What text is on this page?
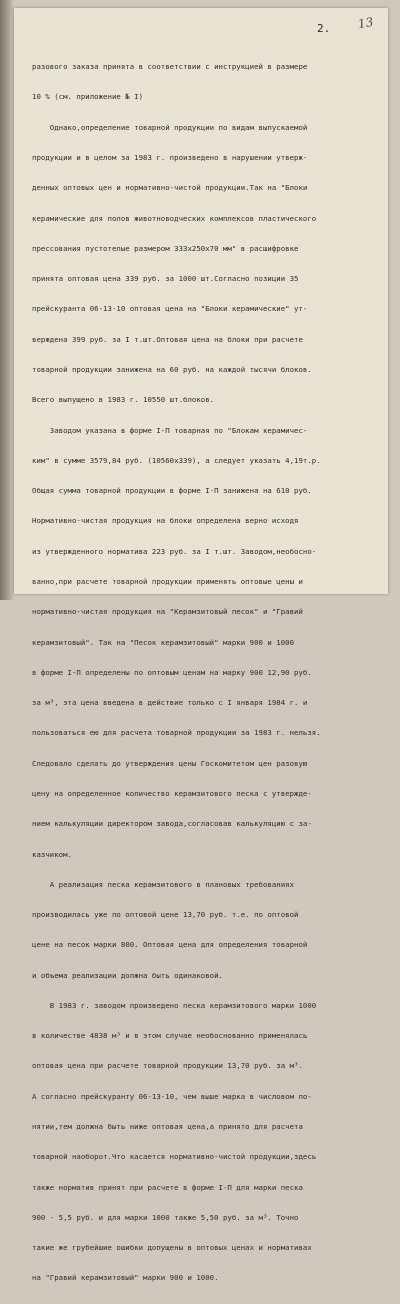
2. 13

разового заказа принята в соответствии с инструкцией в размере

10 % (см. приложение № I)

Однако,определение товарной продукции по видам выпускаемой

продукции и в целом за 1983 г. произведено в нарушении утверж-

денных оптовых цен и нормативно-чистой продукции.Так на "Блоки

керамические для полов животноводческих комплексов пластического

прессования пустотелые размером 333х250х70 мм" в расшифровке

принята оптовая цена 339 руб. за 1000 шт.Согласно позиции 35

прейскуранта 06-13-10 оптовая цена на "Блоки керамические" ут-

верждена 399 руб. за I т.шт.Оптовая цена на блоки при расчете

товарной продукции занижена на 60 руб. на каждой тысячи блоков.

Всего выпущено в 1983 г. 10550 шт.блоков.

Заводом указана в форме I-П товарная по "Блокам керамичес-

ким" в сумме 3579,84 руб. (10560х339), а следует указать 4,19т.р.

Общая сумма товарной продукции в форме I-П занижена на 610 руб.

Нормативно-чистая продукция на блоки определена верно исходя

из утвержденного норматива 223 руб. за I т.шт. Заводом,необосно-

ванно,при расчете товарной продукции применять оптовые цены и

нормативно-чистая продукция на "Керамзитовый песок" и "Гравий

керамзитовый". Так на "Песок керамзитовый" марки 900 и 1000

в форме I-П определены по оптовым ценам на марку 900 12,90 руб.

за м³, эта цена введена в действие только с I января 1984 г. и

пользоваться ею для расчета товарной продукции за 1983 г. нельзя.

Следовало сделать до утверждения цены Госкомитетом цен разовую

цену на определенное количество керамзитового песка с утвержде-

нием калькуляции директором завода,согласовав калькуляцию с за-

казчиком.

А реализация песка керамзитового в плановых требованиях

производилась уже по оптовой цене 13,70 руб. т.е. по оптовой

цене на песок марки 800. Оптовая цена для определения товарной

и объема реализации должна быть одинаковой.

В 1983 г. заводом произведено песка керамзитового марки 1000

в количестве 4838 м³ и в этом случае необоснованно применялась

оптовая цена при расчете товарной продукции 13,70 руб. за м³.

А согласно прейскуранту 06-13-10, чем выше марка в числовом по-

нятии,тем должна быть ниже оптовая цена,а принято для расчета

товарной наоборот.Что касается нормативно-чистой продукции,здесь

также норматив принят при расчете в форме I-П для марки песка

900 - 5,5 руб. и для марки 1000 также 5,50 руб. за м³. Точно

такие же грубейшие ошибки допущены в оптовых ценах и нормативах

на "Гравий керамзитовый" марки 900 и 1000.
